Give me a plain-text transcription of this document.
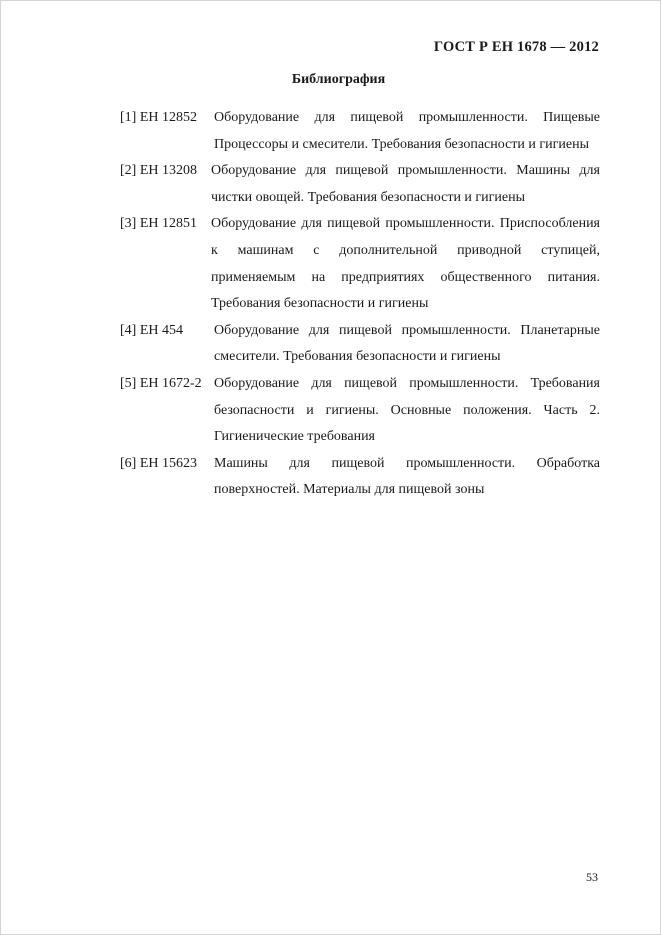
ГОСТ Р ЕН 1678 — 2012
Библиография
[1] ЕН 12852 Оборудование для пищевой промышленности. Пищевые Процессоры и смесители. Требования безопасности и гигиены
[2] ЕН 13208 Оборудование для пищевой промышленности. Машины для чистки овощей. Требования безопасности и гигиены
[3] ЕН 12851 Оборудование для пищевой промышленности. Приспособления к машинам с дополнительной приводной ступицей, применяемым на предприятиях общественного питания. Требования безопасности и гигиены
[4] ЕН 454 Оборудование для пищевой промышленности. Планетарные смесители. Требования безопасности и гигиены
[5] ЕН 1672-2 Оборудование для пищевой промышленности. Требования безопасности и гигиены. Основные положения. Часть 2. Гигиенические требования
[6] ЕН 15623 Машины для пищевой промышленности. Обработка поверхностей. Материалы для пищевой зоны
53
